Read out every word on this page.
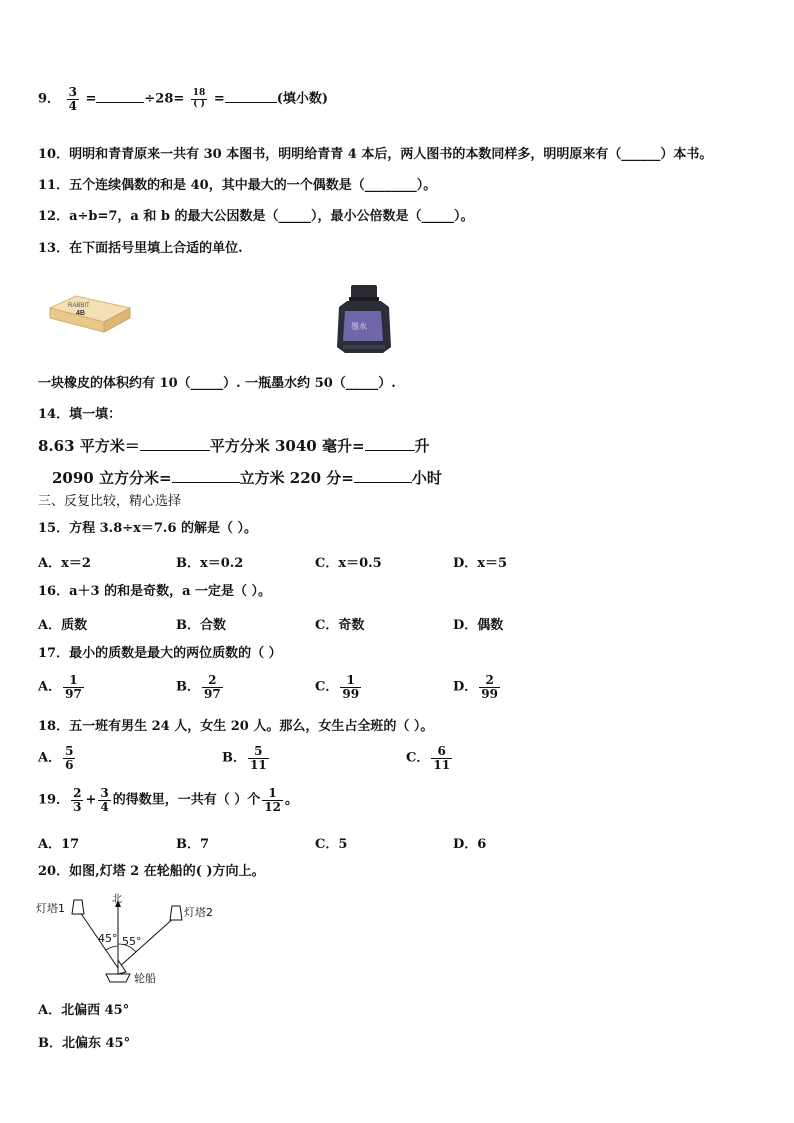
9． $\frac{3}{4}$ =	$\div 28= \frac{18}{( )}$ =	(填小数)
10．明明和青青原来一共有 30 本图书，明明给青青 4 本后，两人图书的本数同样多，明明原来有（______）本书。
11．五个连续偶数的和是 40，其中最大的一个偶数是（________）。
12．a÷b=7，a 和 b 的最大公因数是（_____），最小公倍数是（_____）。
13．在下面括号里填上合适的单位.
RABBIT
4B
墨水
一块橡皮的体积约有 10（_____）. 一瓶墨水约 50（_____）.
14．填一填：
8.63 平方米＝	平方分米 3040 毫升=	升
2090 立方分米=	立方米 220 分=	小时
三、反复比较，精心选择
15．方程 3.8÷x＝7.6 的解是（ ）。
A．x＝2	B．x＝0.2	C．x＝0.5	D．x＝5
16．a＋3 的和是奇数，a 一定是（ ）。
A．质数	B．合数	C．奇数	D．偶数
17．最小的质数是最大的两位质数的（ ）
A． $\frac{1}{97}$	B． $\frac{2}{97}$	C． $\frac{1}{99}$	D． $\frac{2}{99}$
18．五一班有男生 24 人，女生 20 人。那么，女生占全班的（ ）。
A． $\frac{5}{6}$	B． $\frac{5}{11}$	C． $\frac{6}{11}$
19． $\frac{2}{3} + \frac{3}{4}$ 的得数里，一共有（ ）个 $\frac{1}{12}$ 。
A．17	B．7	C．5	D．6
20．如图,灯塔 2 在轮船的( )方向上。
北
45° 55°
灯塔1	灯塔2
轮船
A．北偏西 45°
B．北偏东 45°
